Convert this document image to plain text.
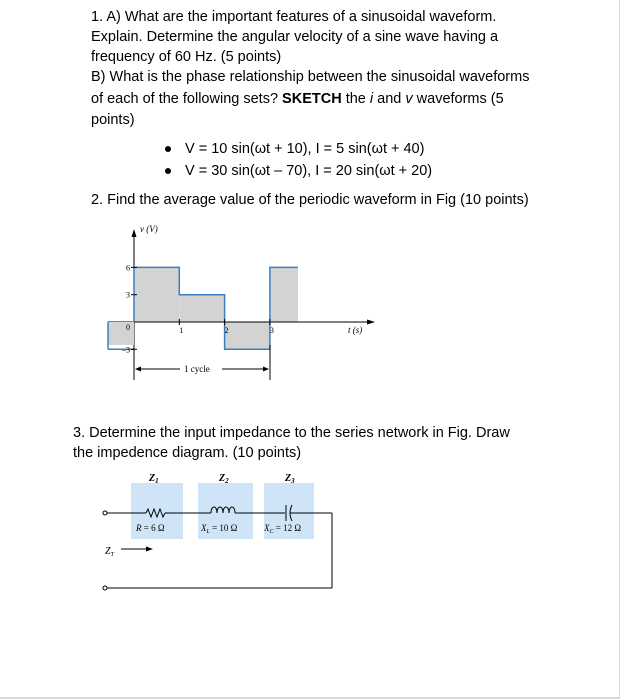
1. A) What are the important features of a sinusoidal waveform.
Explain. Determine the angular velocity of a sine wave having a
frequency of 60 Hz. (5 points)
B) What is the phase relationship between the sinusoidal waveforms
of each of the following sets? SKETCH the i and v waveforms (5
points)
V = 10 sin(ωt + 10), I = 5 sin(ωt + 40)
V = 30 sin(ωt – 70), I = 20 sin(ωt + 20)
2. Find the average value of the periodic waveform in Fig (10 points)
6
3
0
–3
1	2	3
v (V)
t (s)
1 cycle
3. Determine the input impedance to the series network in Fig. Draw
the impedence diagram. (10 points)
$Z_1$	$Z_2$	$Z_3$
R = 6 Ω	$X_L = 10$ Ω	$X_C = 12$ Ω
$Z_T$
